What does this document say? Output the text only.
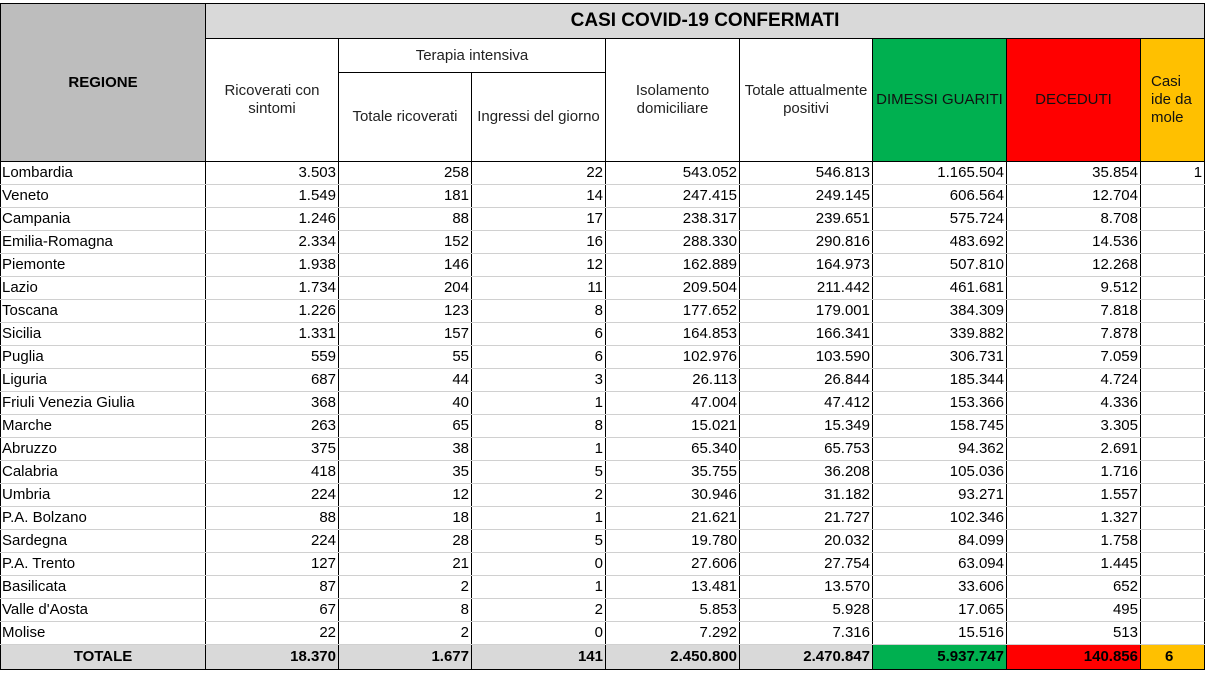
REGIONE	CASI COVID-19 CONFERMATI							
	Ricoverati con sintomi	Terapia intensiva		Isolamento domiciliare	Totale attualmente positivi	DIMESSI GUARITI	DECEDUTI	Casi ide da mole
		Totale ricoverati	Ingressi del giorno					
Lombardia	3.503	258	22	543.052	546.813	1.165.504	35.854	1
Veneto	1.549	181	14	247.415	249.145	606.564	12.704	
Campania	1.246	88	17	238.317	239.651	575.724	8.708	
Emilia-Romagna	2.334	152	16	288.330	290.816	483.692	14.536	
Piemonte	1.938	146	12	162.889	164.973	507.810	12.268	
Lazio	1.734	204	11	209.504	211.442	461.681	9.512	
Toscana	1.226	123	8	177.652	179.001	384.309	7.818	
Sicilia	1.331	157	6	164.853	166.341	339.882	7.878	
Puglia	559	55	6	102.976	103.590	306.731	7.059	
Liguria	687	44	3	26.113	26.844	185.344	4.724	
Friuli Venezia Giulia	368	40	1	47.004	47.412	153.366	4.336	
Marche	263	65	8	15.021	15.349	158.745	3.305	
Abruzzo	375	38	1	65.340	65.753	94.362	2.691	
Calabria	418	35	5	35.755	36.208	105.036	1.716	
Umbria	224	12	2	30.946	31.182	93.271	1.557	
P.A. Bolzano	88	18	1	21.621	21.727	102.346	1.327	
Sardegna	224	28	5	19.780	20.032	84.099	1.758	
P.A. Trento	127	21	0	27.606	27.754	63.094	1.445	
Basilicata	87	2	1	13.481	13.570	33.606	652	
Valle d'Aosta	67	8	2	5.853	5.928	17.065	495	
Molise	22	2	0	7.292	7.316	15.516	513	
TOTALE	18.370	1.677	141	2.450.800	2.470.847	5.937.747	140.856	6
